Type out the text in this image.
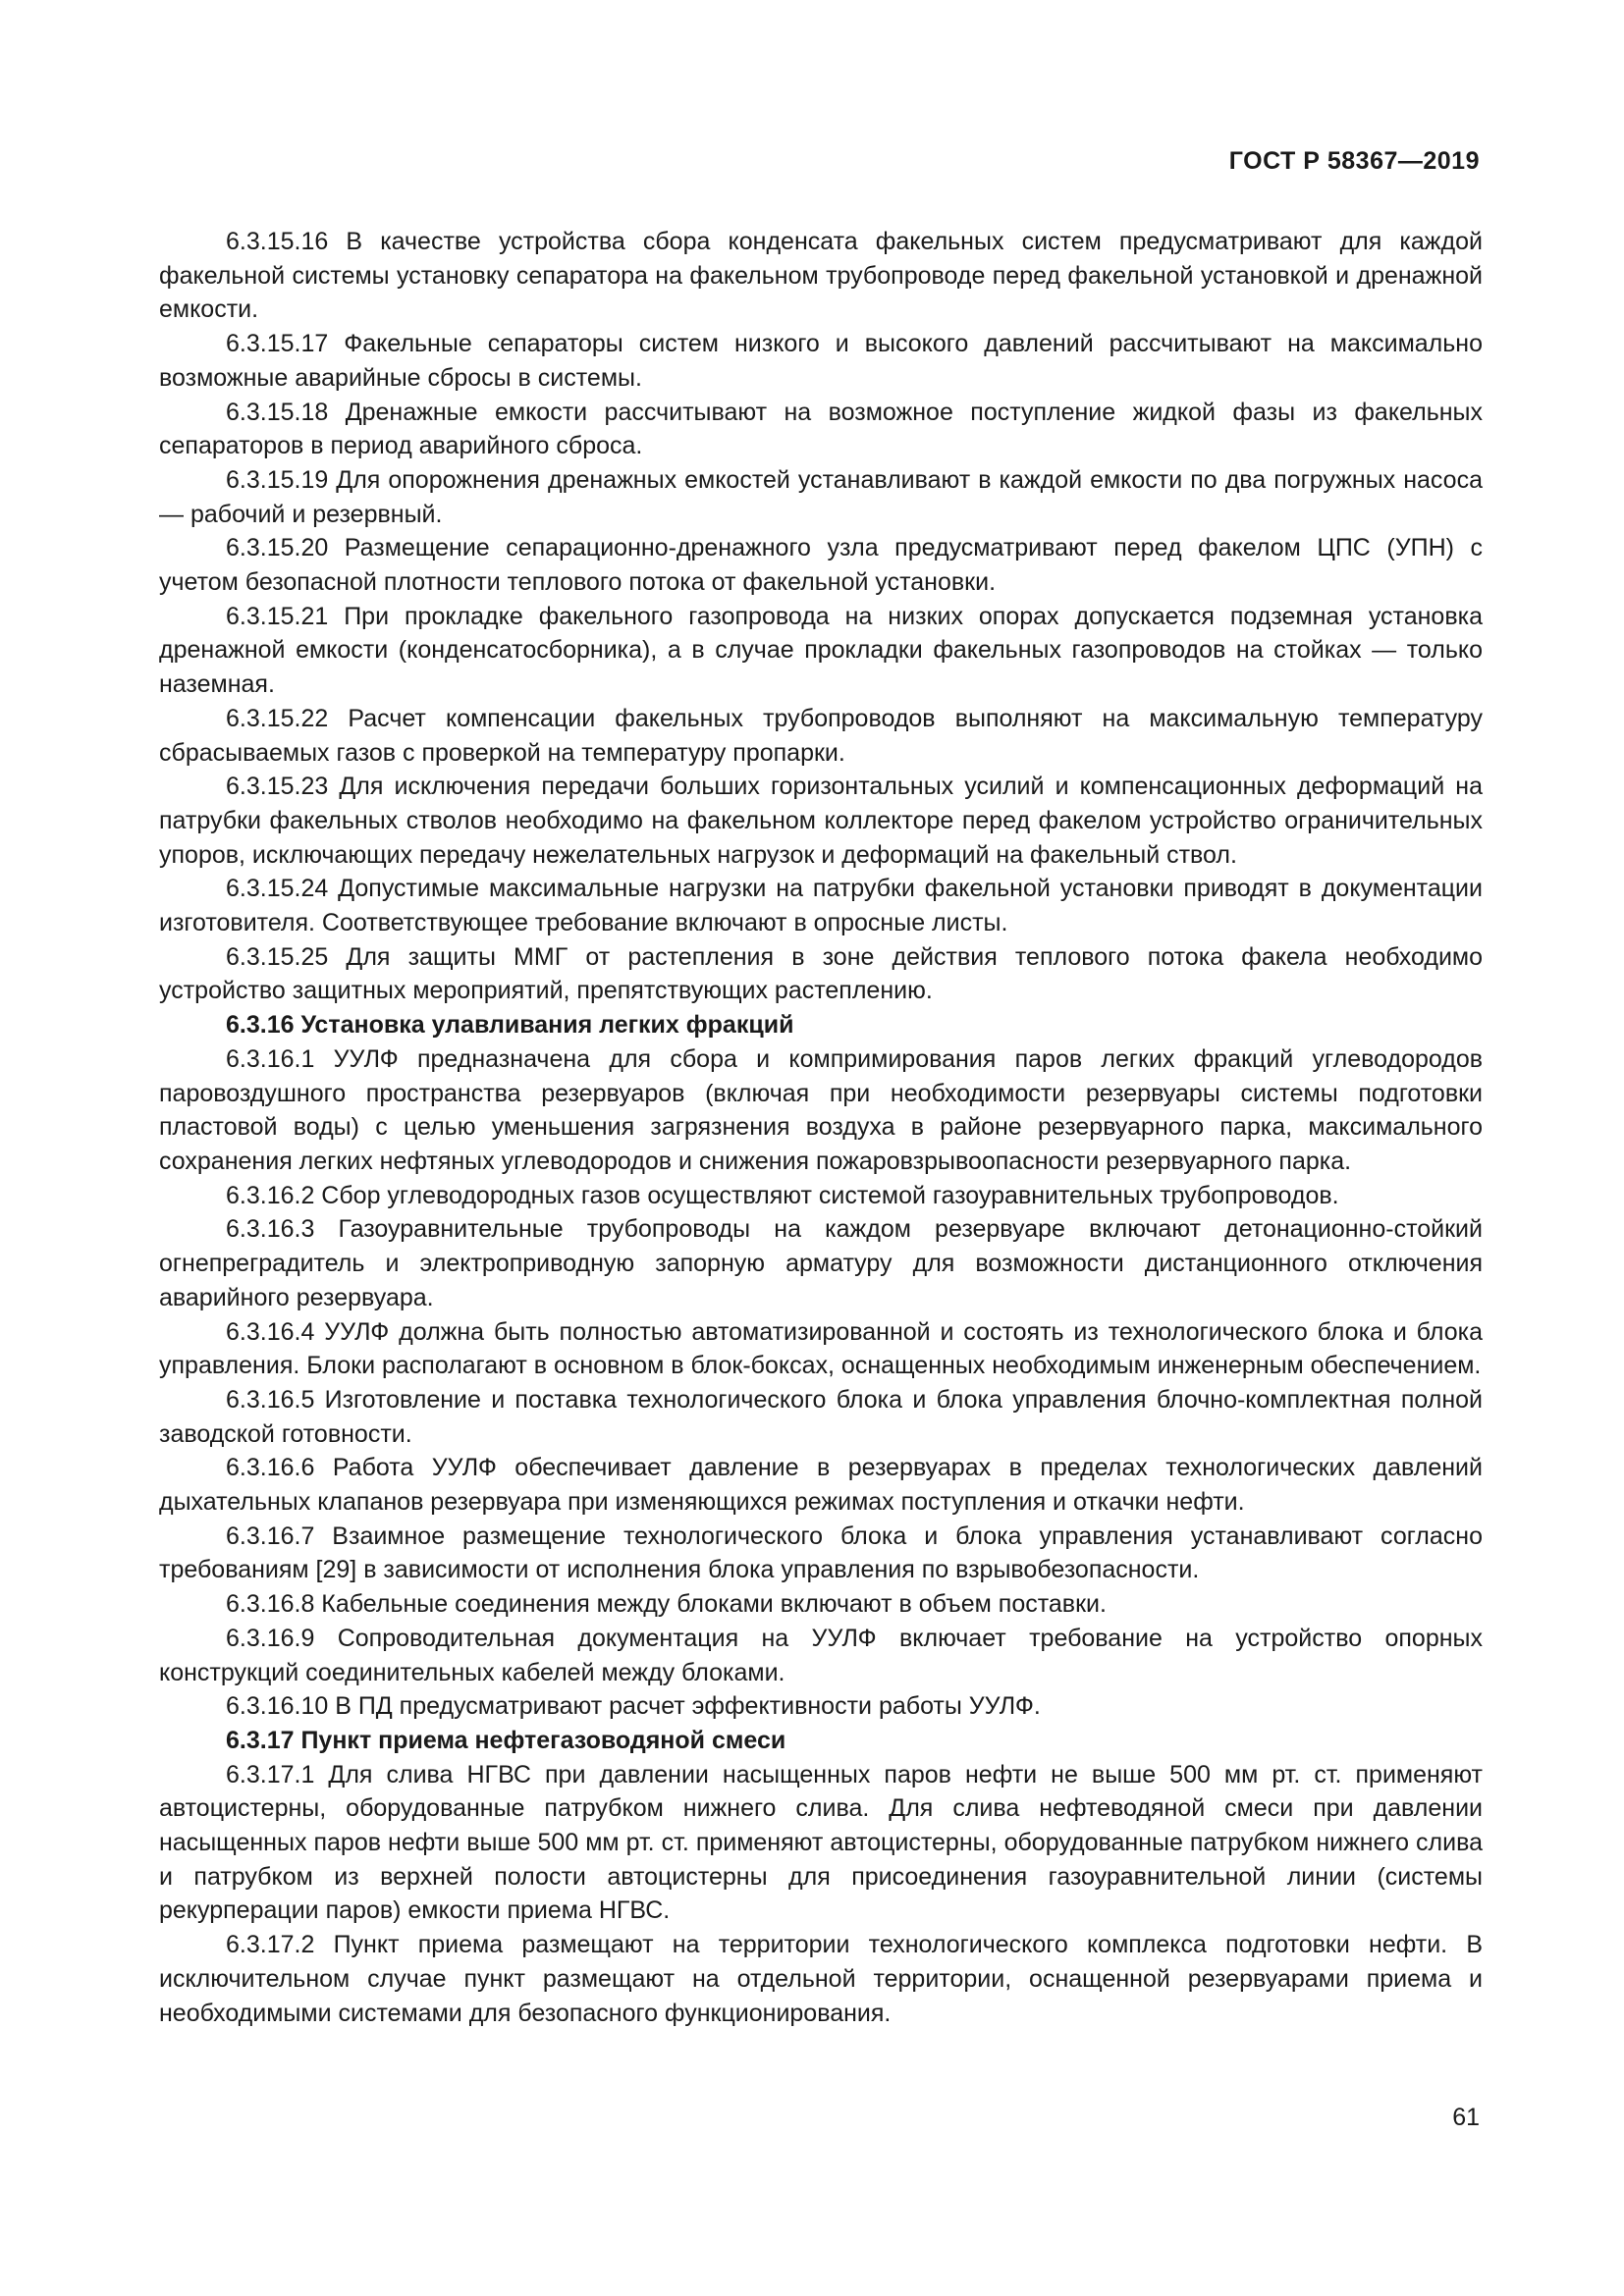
ГОСТ Р 58367—2019

6.3.15.16 В качестве устройства сбора конденсата факельных систем предусматривают для каждой факельной системы установку сепаратора на факельном трубопроводе перед факельной установкой и дренажной емкости.

6.3.15.17 Факельные сепараторы систем низкого и высокого давлений рассчитывают на максимально возможные аварийные сбросы в системы.

6.3.15.18 Дренажные емкости рассчитывают на возможное поступление жидкой фазы из факельных сепараторов в период аварийного сброса.

6.3.15.19 Для опорожнения дренажных емкостей устанавливают в каждой емкости по два погружных насоса — рабочий и резервный.

6.3.15.20 Размещение сепарационно-дренажного узла предусматривают перед факелом ЦПС (УПН) с учетом безопасной плотности теплового потока от факельной установки.

6.3.15.21 При прокладке факельного газопровода на низких опорах допускается подземная установка дренажной емкости (конденсатосборника), а в случае прокладки факельных газопроводов на стойках — только наземная.

6.3.15.22 Расчет компенсации факельных трубопроводов выполняют на максимальную температуру сбрасываемых газов с проверкой на температуру пропарки.

6.3.15.23 Для исключения передачи больших горизонтальных усилий и компенсационных деформаций на патрубки факельных стволов необходимо на факельном коллекторе перед факелом устройство ограничительных упоров, исключающих передачу нежелательных нагрузок и деформаций на факельный ствол.

6.3.15.24 Допустимые максимальные нагрузки на патрубки факельной установки приводят в документации изготовителя. Соответствующее требование включают в опросные листы.

6.3.15.25 Для защиты ММГ от растепления в зоне действия теплового потока факела необходимо устройство защитных мероприятий, препятствующих растеплению.

6.3.16 Установка улавливания легких фракций

6.3.16.1 УУЛФ предназначена для сбора и компримирования паров легких фракций углеводородов паровоздушного пространства резервуаров (включая при необходимости резервуары системы подготовки пластовой воды) с целью уменьшения загрязнения воздуха в районе резервуарного парка, максимального сохранения легких нефтяных углеводородов и снижения пожаровзрывоопасности резервуарного парка.

6.3.16.2 Сбор углеводородных газов осуществляют системой газоуравнительных трубопроводов.

6.3.16.3 Газоуравнительные трубопроводы на каждом резервуаре включают детонационно-стойкий огнепреградитель и электроприводную запорную арматуру для возможности дистанционного отключения аварийного резервуара.

6.3.16.4 УУЛФ должна быть полностью автоматизированной и состоять из технологического блока и блока управления. Блоки располагают в основном в блок-боксах, оснащенных необходимым инженерным обеспечением.

6.3.16.5 Изготовление и поставка технологического блока и блока управления блочно-комплектная полной заводской готовности.

6.3.16.6 Работа УУЛФ обеспечивает давление в резервуарах в пределах технологических давлений дыхательных клапанов резервуара при изменяющихся режимах поступления и откачки нефти.

6.3.16.7 Взаимное размещение технологического блока и блока управления устанавливают согласно требованиям [29] в зависимости от исполнения блока управления по взрывобезопасности.

6.3.16.8 Кабельные соединения между блоками включают в объем поставки.

6.3.16.9 Сопроводительная документация на УУЛФ включает требование на устройство опорных конструкций соединительных кабелей между блоками.

6.3.16.10 В ПД предусматривают расчет эффективности работы УУЛФ.

6.3.17 Пункт приема нефтегазоводяной смеси

6.3.17.1 Для слива НГВС при давлении насыщенных паров нефти не выше 500 мм рт. ст. применяют автоцистерны, оборудованные патрубком нижнего слива. Для слива нефтеводяной смеси при давлении насыщенных паров нефти выше 500 мм рт. ст. применяют автоцистерны, оборудованные патрубком нижнего слива и патрубком из верхней полости автоцистерны для присоединения газоуравнительной линии (системы рекурперации паров) емкости приема НГВС.

6.3.17.2 Пункт приема размещают на территории технологического комплекса подготовки нефти. В исключительном случае пункт размещают на отдельной территории, оснащенной резервуарами приема и необходимыми системами для безопасного функционирования.

61
